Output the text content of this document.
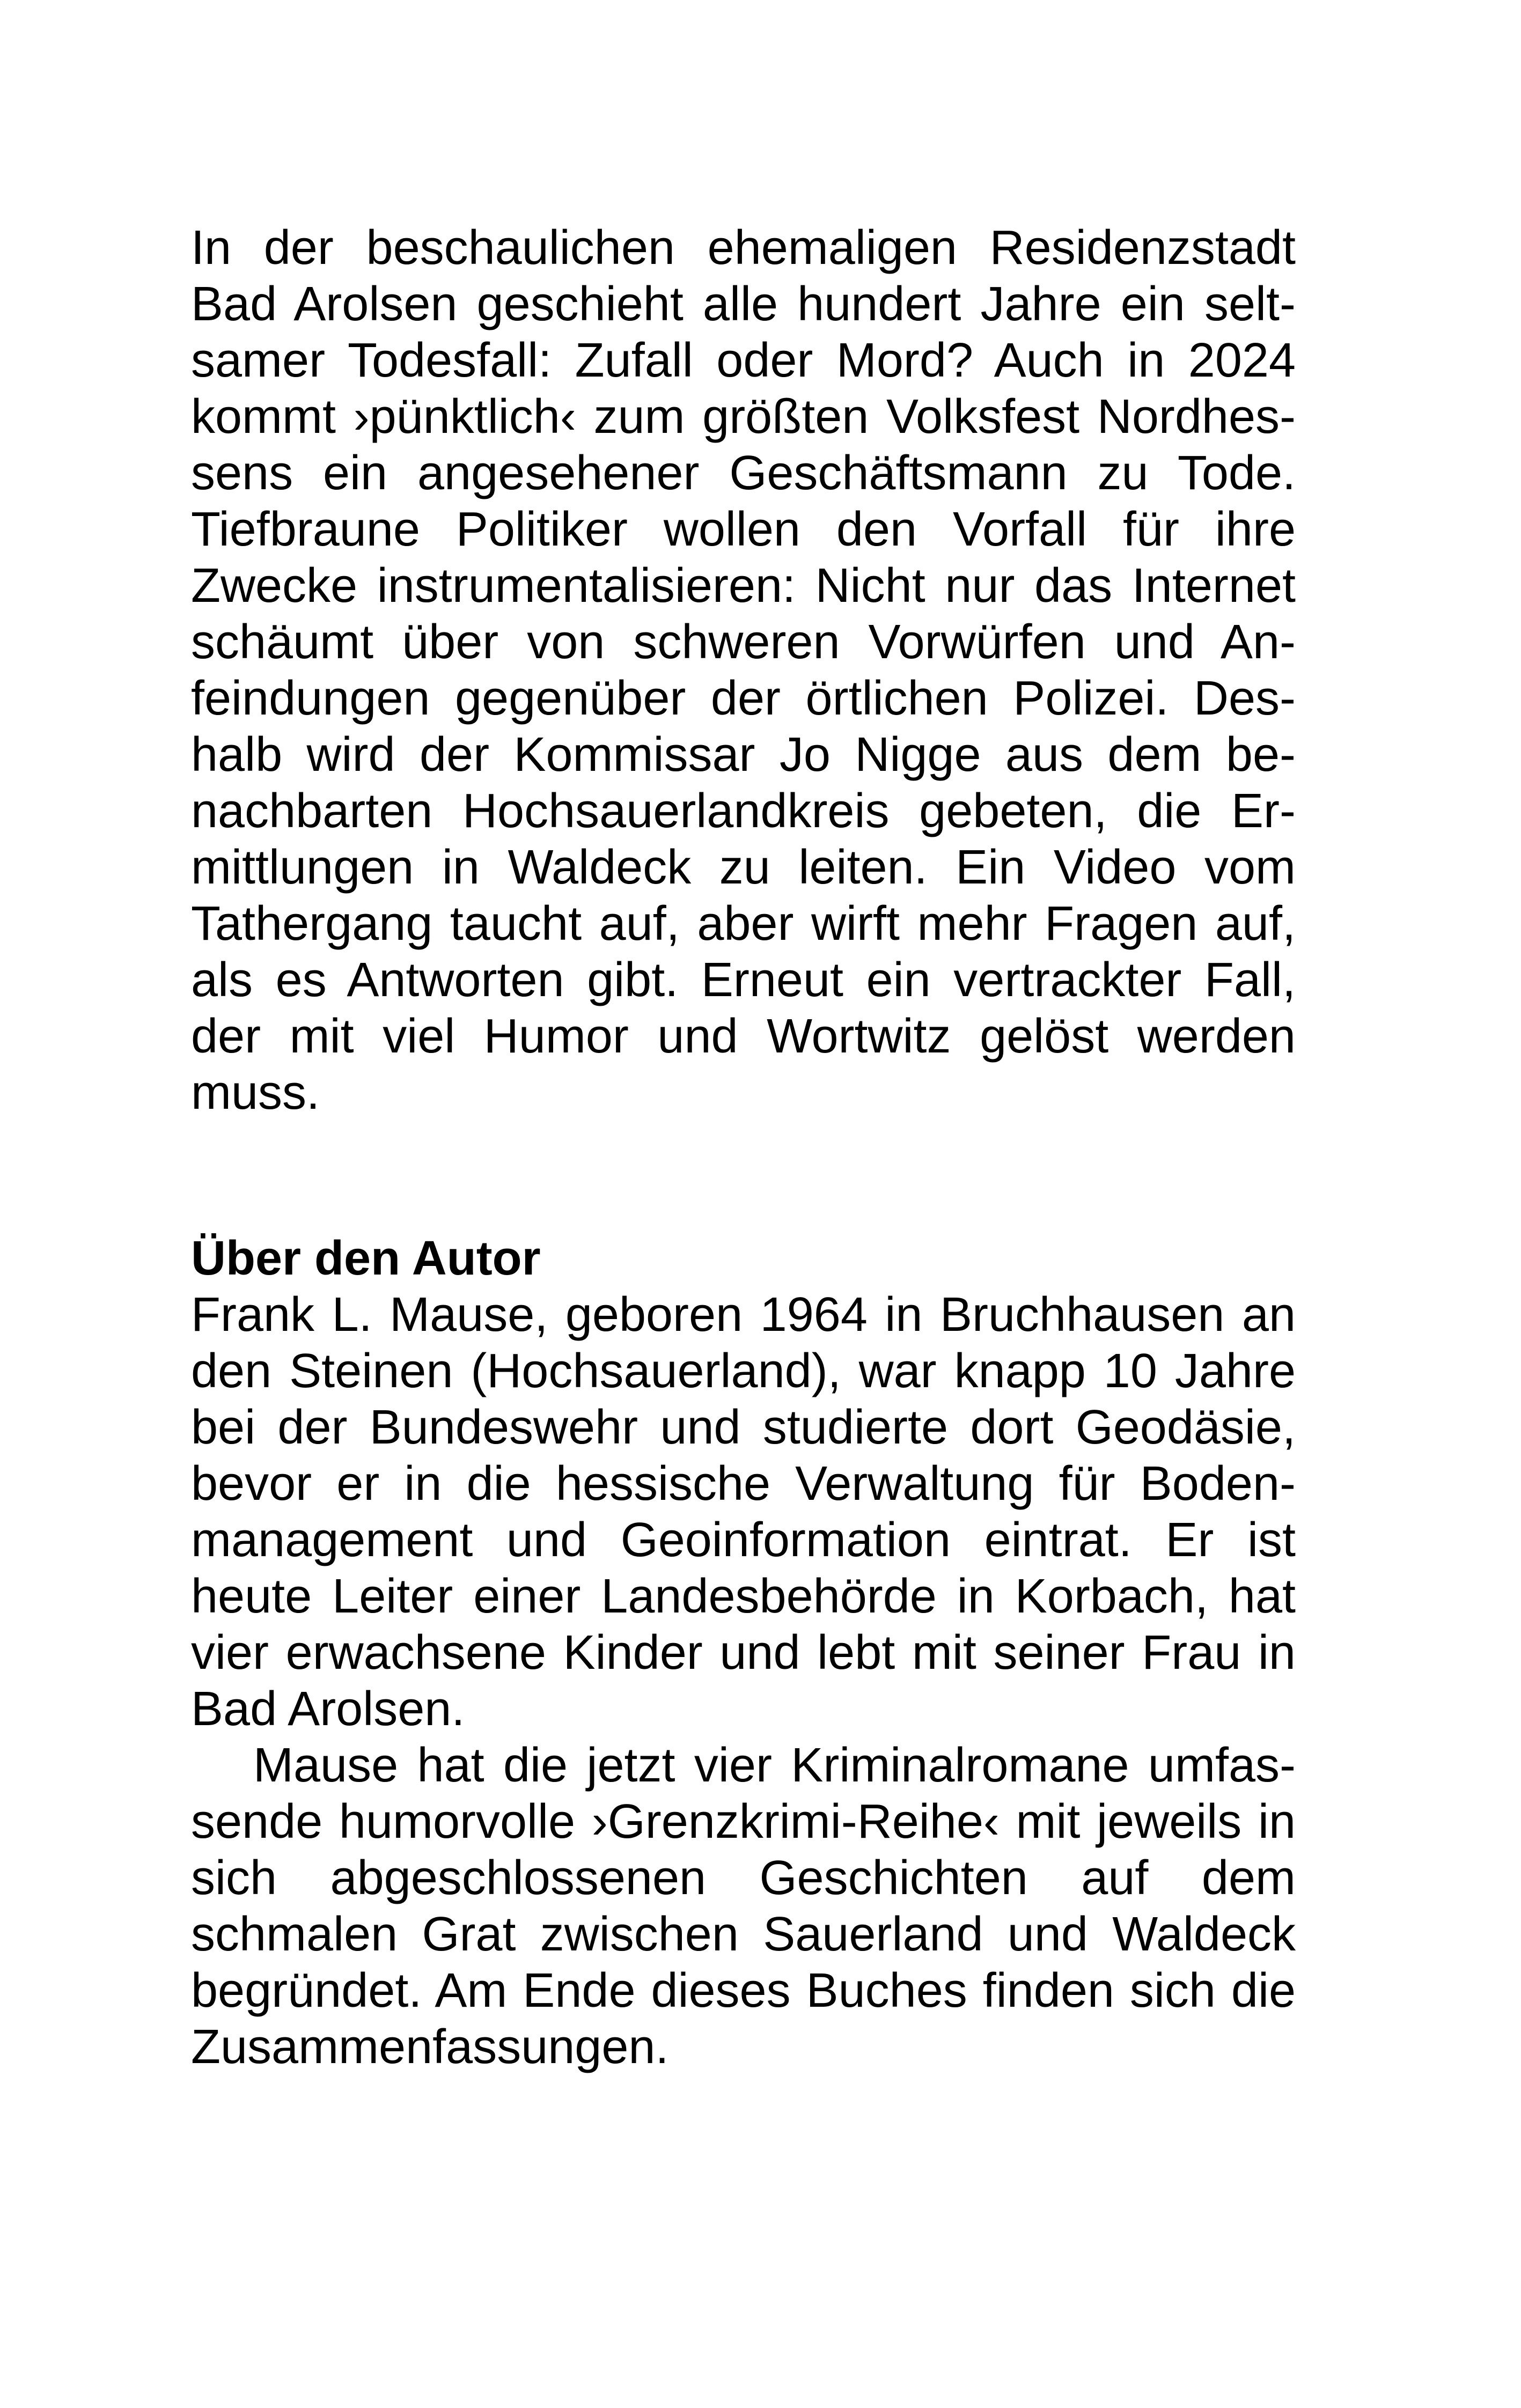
In der beschaulichen ehemaligen Residenzstadt Bad Arolsen geschieht alle hundert Jahre ein seltsamer Todesfall: Zufall oder Mord? Auch in 2024 kommt ›pünktlich‹ zum größten Volksfest Nordhessens ein angesehener Geschäftsmann zu Tode. Tiefbraune Politiker wollen den Vorfall für ihre Zwecke instrumentalisieren: Nicht nur das Internet schäumt über von schweren Vorwürfen und Anfeindungen gegenüber der örtlichen Polizei. Deshalb wird der Kommissar Jo Nigge aus dem benachbarten Hochsauerlandkreis gebeten, die Ermittlungen in Waldeck zu leiten. Ein Video vom Tathergang taucht auf, aber wirft mehr Fragen auf, als es Antworten gibt. Erneut ein vertrackter Fall, der mit viel Humor und Wortwitz gelöst werden muss.

Über den Autor

Frank L. Mause, geboren 1964 in Bruchhausen an den Steinen (Hochsauerland), war knapp 10 Jahre bei der Bundeswehr und studierte dort Geodäsie, bevor er in die hessische Verwaltung für Bodenmanagement und Geoinformation eintrat. Er ist heute Leiter einer Landesbehörde in Korbach, hat vier erwachsene Kinder und lebt mit seiner Frau in Bad Arolsen.

Mause hat die jetzt vier Kriminalromane umfassende humorvolle ›Grenzkrimi-Reihe‹ mit jeweils in sich abgeschlossenen Geschichten auf dem schmalen Grat zwischen Sauerland und Waldeck begründet. Am Ende dieses Buches finden sich die Zusammenfassungen.
